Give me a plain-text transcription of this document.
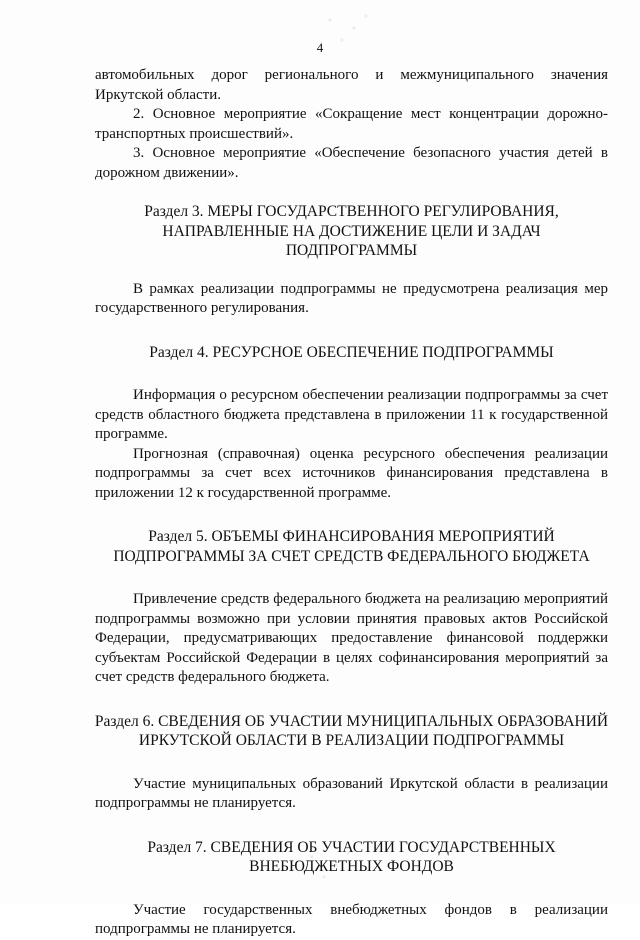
4

автомобильных дорог регионального и межмуниципального значения Иркутской области.

2. Основное мероприятие «Сокращение мест концентрации дорожно-транспортных происшествий».

3. Основное мероприятие «Обеспечение безопасного участия детей в дорожном движении».

Раздел 3. МЕРЫ ГОСУДАРСТВЕННОГО РЕГУЛИРОВАНИЯ,

НАПРАВЛЕННЫЕ НА ДОСТИЖЕНИЕ ЦЕЛИ И ЗАДАЧ

ПОДПРОГРАММЫ

В рамках реализации подпрограммы не предусмотрена реализация мер государственного регулирования.

Раздел 4. РЕСУРСНОЕ ОБЕСПЕЧЕНИЕ ПОДПРОГРАММЫ

Информация о ресурсном обеспечении реализации подпрограммы за счет средств областного бюджета представлена в приложении 11 к государственной программе.

Прогнозная (справочная) оценка ресурсного обеспечения реализации подпрограммы за счет всех источников финансирования представлена в приложении 12 к государственной программе.

Раздел 5. ОБЪЕМЫ ФИНАНСИРОВАНИЯ МЕРОПРИЯТИЙ

ПОДПРОГРАММЫ ЗА СЧЕТ СРЕДСТВ ФЕДЕРАЛЬНОГО БЮДЖЕТА

Привлечение средств федерального бюджета на реализацию мероприятий подпрограммы возможно при условии принятия правовых актов Российской Федерации, предусматривающих предоставление финансовой поддержки субъектам Российской Федерации в целях софинансирования мероприятий за счет средств федерального бюджета.

Раздел 6. СВЕДЕНИЯ ОБ УЧАСТИИ МУНИЦИПАЛЬНЫХ ОБРАЗОВАНИЙ

ИРКУТСКОЙ ОБЛАСТИ В РЕАЛИЗАЦИИ ПОДПРОГРАММЫ

Участие муниципальных образований Иркутской области в реализации подпрограммы не планируется.

Раздел 7. СВЕДЕНИЯ ОБ УЧАСТИИ ГОСУДАРСТВЕННЫХ

ВНЕБЮДЖЕТНЫХ ФОНДОВ

Участие государственных внебюджетных фондов в реализации подпрограммы не планируется.
